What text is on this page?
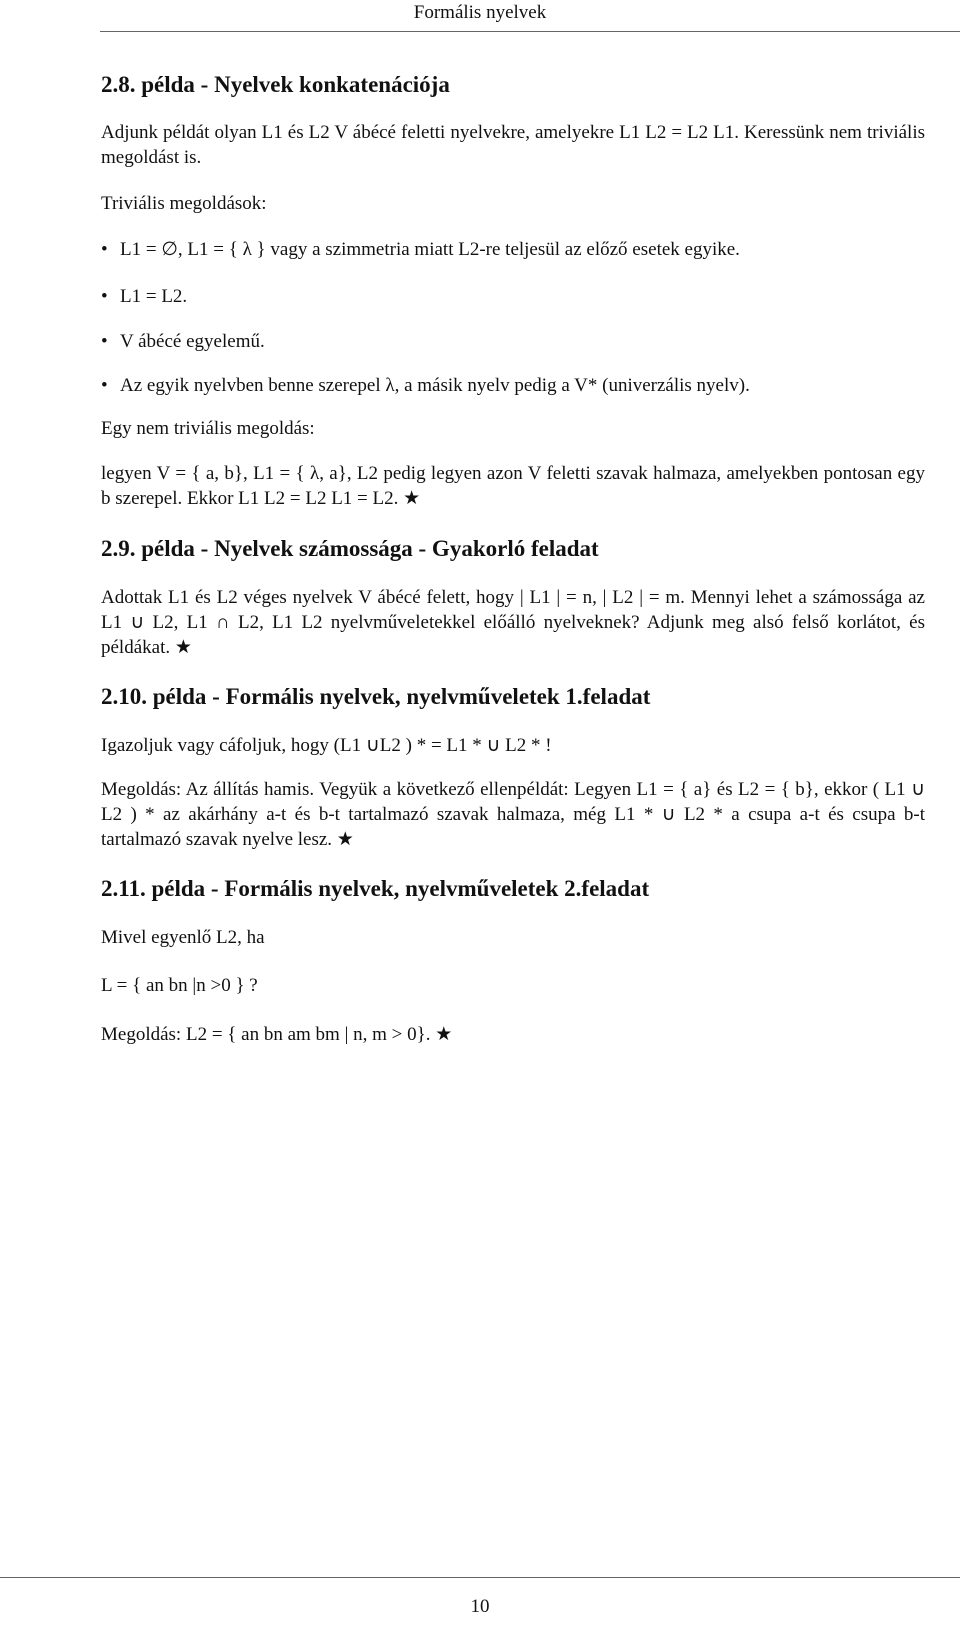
Formális nyelvek
2.8. példa - Nyelvek konkatenációja
Adjunk példát olyan L1 és L2 V ábécé feletti nyelvekre, amelyekre L1 L2 = L2 L1. Keressünk nem triviális megoldást is.
Triviális megoldások:
• L1 = ∅, L1 = { λ } vagy a szimmetria miatt L2-re teljesül az előző esetek egyike.
• L1 = L2.
• V ábécé egyelemű.
• Az egyik nyelvben benne szerepel λ, a másik nyelv pedig a V* (univerzális nyelv).
Egy nem triviális megoldás:
legyen V = { a, b}, L1 = { λ, a}, L2 pedig legyen azon V feletti szavak halmaza, amelyekben pontosan egy b szerepel. Ekkor L1 L2 = L2 L1 = L2. ★
2.9. példa - Nyelvek számossága - Gyakorló feladat
Adottak L1 és L2 véges nyelvek V ábécé felett, hogy | L1 | = n, | L2 | = m. Mennyi lehet a számossága az L1 ∪ L2, L1 ∩ L2, L1 L2 nyelvműveletekkel előálló nyelveknek? Adjunk meg alsó felső korlátot, és példákat. ★
2.10. példa - Formális nyelvek, nyelvműveletek 1.feladat
Igazoljuk vagy cáfoljuk, hogy (L1 ∪L2 ) * = L1 * ∪ L2 * !
Megoldás: Az állítás hamis. Vegyük a következő ellenpéldát: Legyen L1 = { a} és L2 = { b}, ekkor ( L1 ∪ L2 ) * az akárhány a-t és b-t tartalmazó szavak halmaza, még L1 * ∪ L2 * a csupa a-t és csupa b-t tartalmazó szavak nyelve lesz. ★
2.11. példa - Formális nyelvek, nyelvműveletek 2.feladat
Mivel egyenlő L2, ha
L = { an bn |n >0 } ?
Megoldás: L2 = { an bn am bm | n, m > 0}. ★
10
